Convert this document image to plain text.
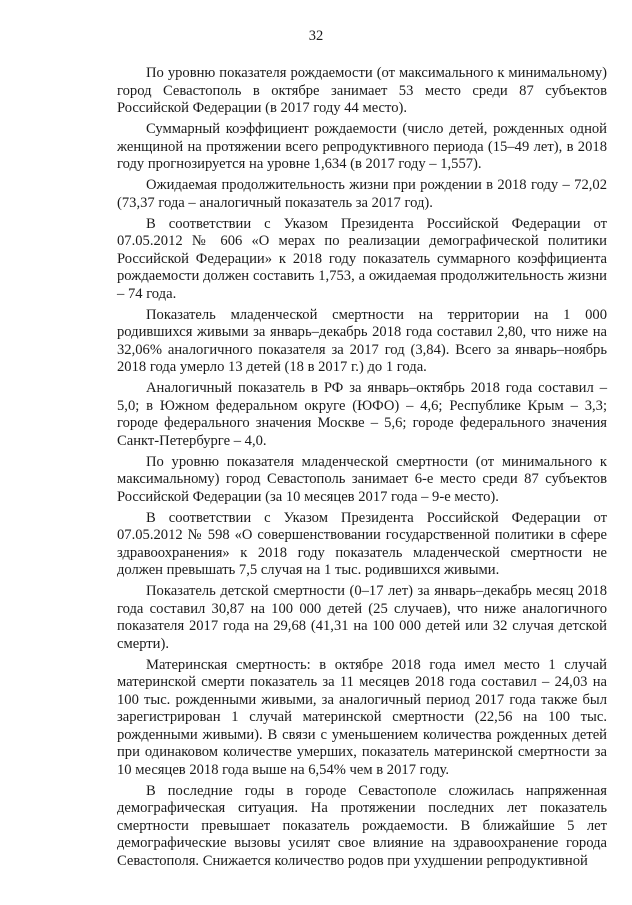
32

По уровню показателя рождаемости (от максимального к минимальному) город Севастополь в октябре занимает 53 место среди 87 субъектов Российской Федерации (в 2017 году 44 место).

Суммарный коэффициент рождаемости (число детей, рожденных одной женщиной на протяжении всего репродуктивного периода (15–49 лет), в 2018 году прогнозируется на уровне 1,634 (в 2017 году – 1,557).

Ожидаемая продолжительность жизни при рождении в 2018 году – 72,02 (73,37 года – аналогичный показатель за 2017 год).

В соответствии с Указом Президента Российской Федерации от 07.05.2012 № 606 «О мерах по реализации демографической политики Российской Федерации» к 2018 году показатель суммарного коэффициента рождаемости должен составить 1,753, а ожидаемая продолжительность жизни – 74 года.

Показатель младенческой смертности на территории на 1 000 родившихся живыми за январь–декабрь 2018 года составил 2,80, что ниже на 32,06% аналогичного показателя за 2017 год (3,84). Всего за январь–ноябрь 2018 года умерло 13 детей (18 в 2017 г.) до 1 года.

Аналогичный показатель в РФ за январь–октябрь 2018 года составил – 5,0; в Южном федеральном округе (ЮФО) – 4,6; Республике Крым – 3,3; городе федерального значения Москве – 5,6; городе федерального значения Санкт-Петербурге – 4,0.

По уровню показателя младенческой смертности (от минимального к максимальному) город Севастополь занимает 6-е место среди 87 субъектов Российской Федерации (за 10 месяцев 2017 года – 9-е место).

В соответствии с Указом Президента Российской Федерации от 07.05.2012 № 598 «О совершенствовании государственной политики в сфере здравоохранения» к 2018 году показатель младенческой смертности не должен превышать 7,5 случая на 1 тыс. родившихся живыми.

Показатель детской смертности (0–17 лет) за январь–декабрь месяц 2018 года составил 30,87 на 100 000 детей (25 случаев), что ниже аналогичного показателя 2017 года на 29,68 (41,31 на 100 000 детей или 32 случая детской смерти).

Материнская смертность: в октябре 2018 года имел место 1 случай материнской смерти показатель за 11 месяцев 2018 года составил – 24,03 на 100 тыс. рожденными живыми, за аналогичный период 2017 года также был зарегистрирован 1 случай материнской смертности (22,56 на 100 тыс. рожденными живыми). В связи с уменьшением количества рожденных детей при одинаковом количестве умерших, показатель материнской смертности за 10 месяцев 2018 года выше на 6,54% чем в 2017 году.

В последние годы в городе Севастополе сложилась напряженная демографическая ситуация. На протяжении последних лет показатель смертности превышает показатель рождаемости. В ближайшие 5 лет демографические вызовы усилят свое влияние на здравоохранение города Севастополя. Снижается количество родов при ухудшении репродуктивной
